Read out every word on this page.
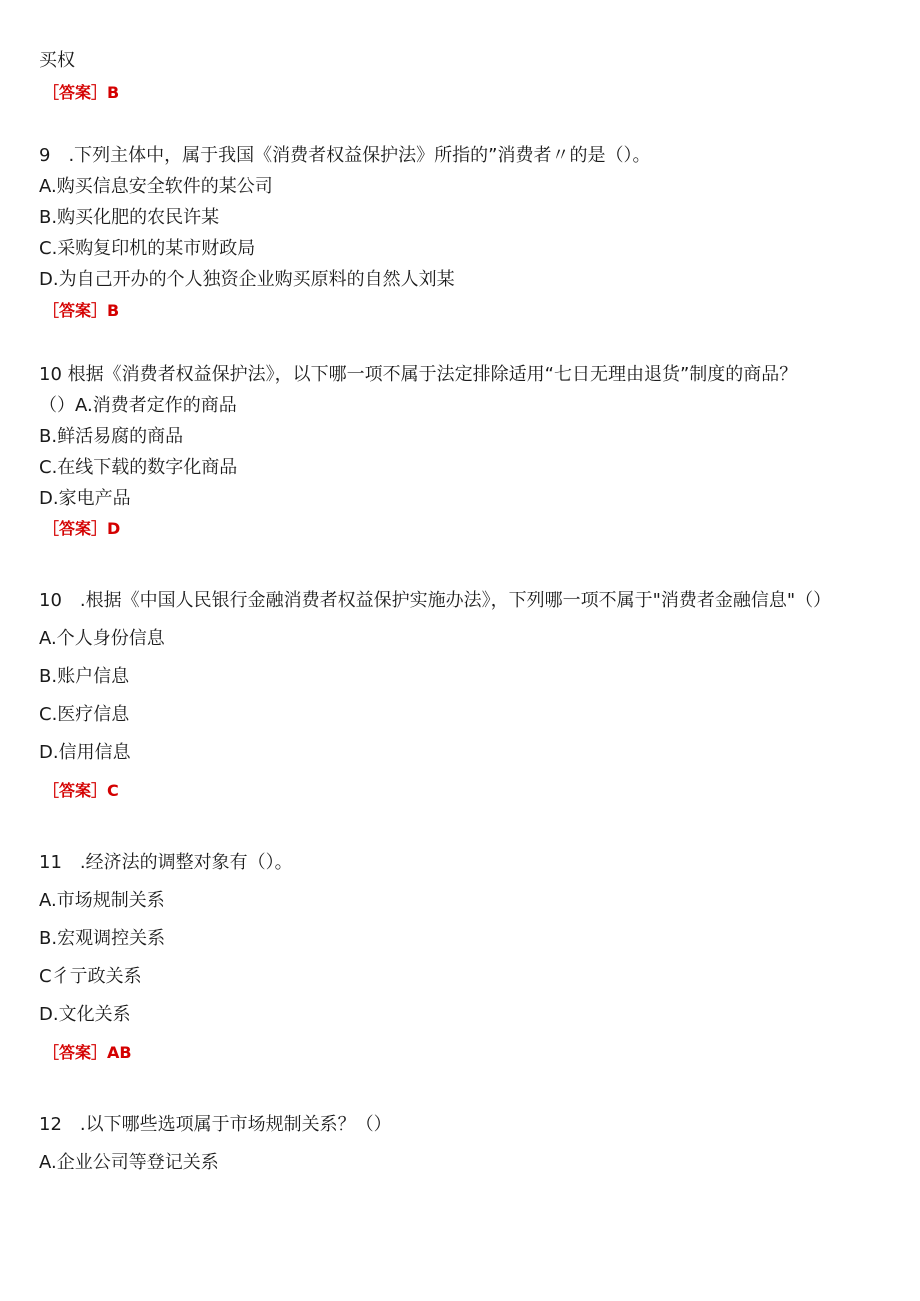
买权
［答案］B
9　.下列主体中，属于我国《消费者权益保护法》所指的”消费者〃的是（）。
A.购买信息安全软件的某公司
B.购买化肥的农民许某
C.采购复印机的某市财政局
D.为自己开办的个人独资企业购买原料的自然人刘某
［答案］B
10 根据《消费者权益保护法》，以下哪一项不属于法定排除适用“七日无理由退货”制度的商品？
（）A.消费者定作的商品
B.鲜活易腐的商品
C.在线下载的数字化商品
D.家电产品
［答案］D
10　.根据《中国人民银行金融消费者权益保护实施办法》，下列哪一项不属于"消费者金融信息"（）
A.个人身份信息
B.账户信息
C.医疗信息
D.信用信息
［答案］C
11　.经济法的调整对象有（）。
A.市场规制关系
B.宏观调控关系
C彳亍政关系
D.文化关系
［答案］AB
12　.以下哪些选项属于市场规制关系？（）
A.企业公司等登记关系
